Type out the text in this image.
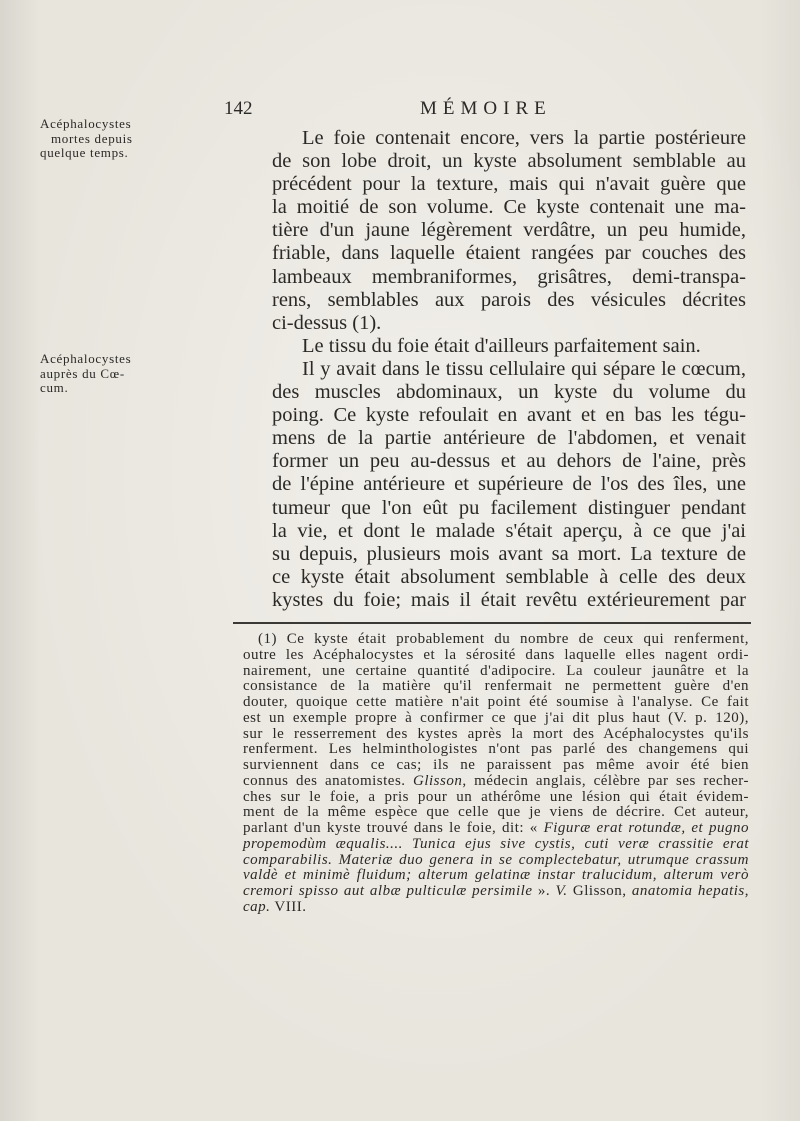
142	MÉMOIRE
Acéphalocystes
mortes depuis
quelque temps.
Acéphalocystes
auprès du Cœ-
cum.
Le foie contenait encore, vers la partie postérieure
de son lobe droit, un kyste absolument semblable au
précédent pour la texture, mais qui n'avait guère que
la moitié de son volume. Ce kyste contenait une ma-
tière d'un jaune légèrement verdâtre, un peu humide,
friable, dans laquelle étaient rangées par couches des
lambeaux membraniformes, grisâtres, demi-transpa-
rens, semblables aux parois des vésicules décrites
ci-dessus (1).
Le tissu du foie était d'ailleurs parfaitement sain.
Il y avait dans le tissu cellulaire qui sépare le cœcum,
des muscles abdominaux, un kyste du volume du
poing. Ce kyste refoulait en avant et en bas les tégu-
mens de la partie antérieure de l'abdomen, et venait
former un peu au-dessus et au dehors de l'aine, près
de l'épine antérieure et supérieure de l'os des îles, une
tumeur que l'on eût pu facilement distinguer pendant
la vie, et dont le malade s'était aperçu, à ce que j'ai
su depuis, plusieurs mois avant sa mort. La texture de
ce kyste était absolument semblable à celle des deux
kystes du foie; mais il était revêtu extérieurement par
(1) Ce kyste était probablement du nombre de ceux qui renferment,
outre les Acéphalocystes et la sérosité dans laquelle elles nagent ordi-
nairement, une certaine quantité d'adipocire. La couleur jaunâtre et la
consistance de la matière qu'il renfermait ne permettent guère d'en
douter, quoique cette matière n'ait point été soumise à l'analyse. Ce fait
est un exemple propre à confirmer ce que j'ai dit plus haut (V. p. 120),
sur le resserrement des kystes après la mort des Acéphalocystes qu'ils
renferment. Les helminthologistes n'ont pas parlé des changemens qui
surviennent dans ce cas; ils ne paraissent pas même avoir été bien
connus des anatomistes. Glisson, médecin anglais, célèbre par ses recher-
ches sur le foie, a pris pour un athérôme une lésion qui était évidem-
ment de la même espèce que celle que je viens de décrire. Cet auteur,
parlant d'un kyste trouvé dans le foie, dit: « Figuræ erat rotundæ, et pugno
propemodùm æqualis.... Tunica ejus sive cystis, cuti veræ crassitie erat
comparabilis. Materiæ duo genera in se complectebatur, utrumque crassum
valdè et minimè fluidum; alterum gelatinæ instar tralucidum, alterum verò
cremori spisso aut albæ pulticulæ persimile ». V. Glisson, anatomia hepatis,
cap. VIII.
